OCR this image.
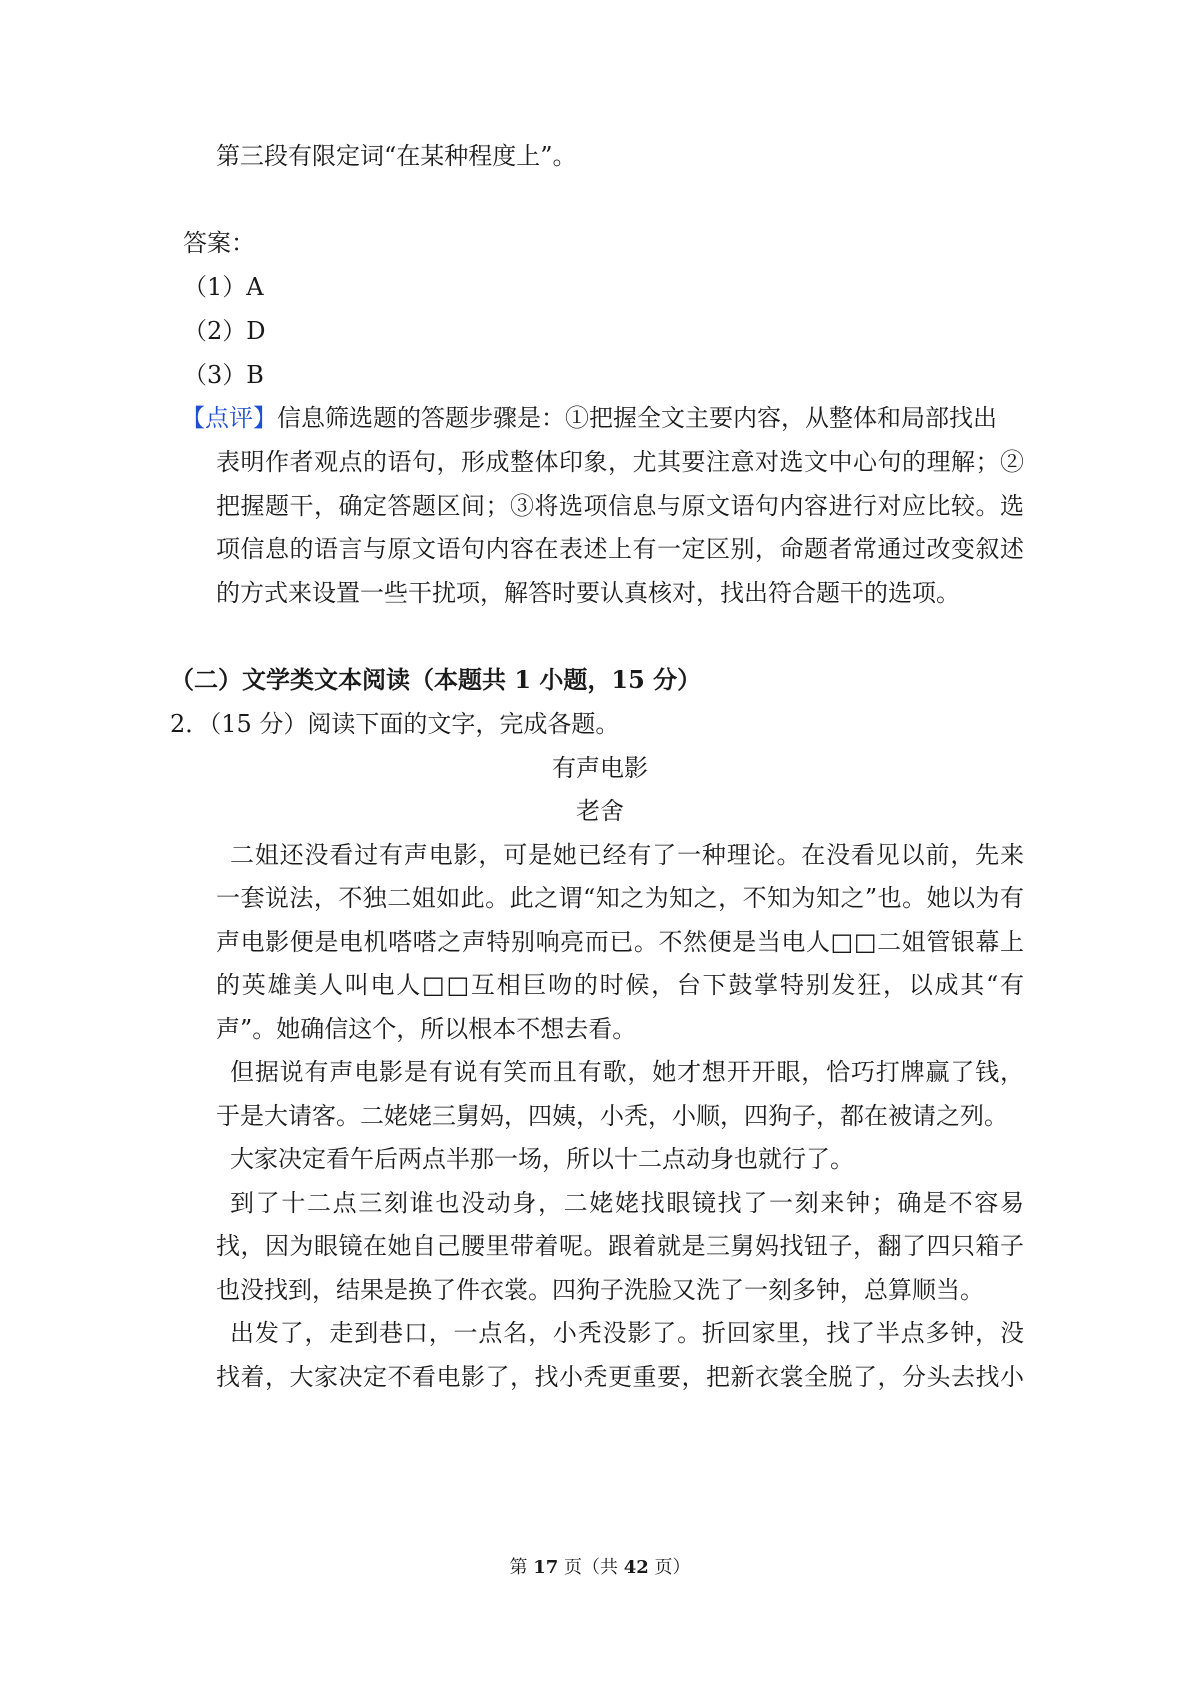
第三段有限定词“在某种程度上”。
答案：
（1）A
（2）D
（3）B
【点评】信息筛选题的答题步骤是：①把握全文主要内容，从整体和局部找出
表明作者观点的语句，形成整体印象，尤其要注意对选文中心句的理解；②
把握题干，确定答题区间；③将选项信息与原文语句内容进行对应比较。选
项信息的语言与原文语句内容在表述上有一定区别，命题者常通过改变叙述
的方式来设置一些干扰项，解答时要认真核对，找出符合题干的选项。
（二）文学类文本阅读（本题共 1 小题，15 分）
2．（15 分）阅读下面的文字，完成各题。
有声电影
老舍
二姐还没看过有声电影，可是她已经有了一种理论。在没看见以前，先来
一套说法，不独二姐如此。此之谓“知之为知之，不知为知之”也。她以为有
声电影便是电机嗒嗒之声特别响亮而已。不然便是当电人□□二姐管银幕上
的英雄美人叫电人□□互相巨吻的时候，台下鼓掌特别发狂，以成其“有
声”。她确信这个，所以根本不想去看。
但据说有声电影是有说有笑而且有歌，她才想开开眼，恰巧打牌赢了钱，
于是大请客。二姥姥三舅妈，四姨，小秃，小顺，四狗子，都在被请之列。
大家决定看午后两点半那一场，所以十二点动身也就行了。
到了十二点三刻谁也没动身，二姥姥找眼镜找了一刻来钟；确是不容易
找，因为眼镜在她自己腰里带着呢。跟着就是三舅妈找钮子，翻了四只箱子
也没找到，结果是换了件衣裳。四狗子洗脸又洗了一刻多钟，总算顺当。
出发了，走到巷口，一点名，小秃没影了。折回家里，找了半点多钟，没
找着，大家决定不看电影了，找小秃更重要，把新衣裳全脱了，分头去找小
第 17 页（共 42 页）
